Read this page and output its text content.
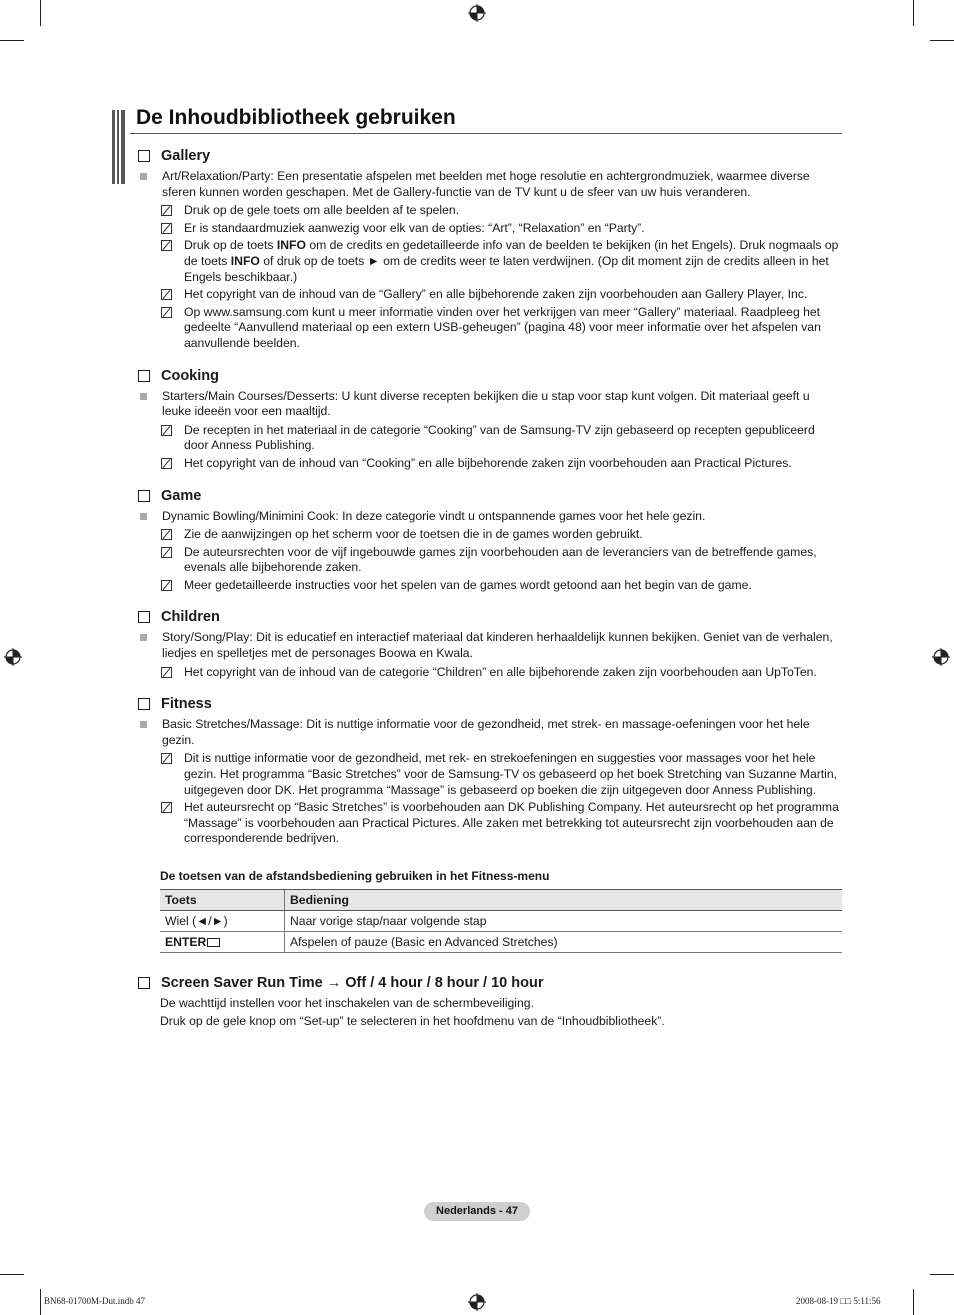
De Inhoudbibliotheek gebruiken
Gallery
Art/Relaxation/Party: Een presentatie afspelen met beelden met hoge resolutie en achtergrondmuziek, waarmee diverse sferen kunnen worden geschapen. Met de Gallery-functie van de TV kunt u de sfeer van uw huis veranderen.
Druk op de gele toets om alle beelden af te spelen.
Er is standaardmuziek aanwezig voor elk van de opties: “Art”, “Relaxation” en “Party”.
Druk op de toets INFO om de credits en gedetailleerde info van de beelden te bekijken (in het Engels). Druk nogmaals op de toets INFO of druk op de toets ► om de credits weer te laten verdwijnen. (Op dit moment zijn de credits alleen in het Engels beschikbaar.)
Het copyright van de inhoud van de “Gallery” en alle bijbehorende zaken zijn voorbehouden aan Gallery Player, Inc.
Op www.samsung.com kunt u meer informatie vinden over het verkrijgen van meer “Gallery” materiaal. Raadpleeg het gedeelte “Aanvullend materiaal op een extern USB-geheugen” (pagina 48) voor meer informatie over het afspelen van aanvullende beelden.
Cooking
Starters/Main Courses/Desserts: U kunt diverse recepten bekijken die u stap voor stap kunt volgen. Dit materiaal geeft u leuke ideeën voor een maaltijd.
De recepten in het materiaal in de categorie “Cooking” van de Samsung-TV zijn gebaseerd op recepten gepubliceerd door Anness Publishing.
Het copyright van de inhoud van “Cooking” en alle bijbehorende zaken zijn voorbehouden aan Practical Pictures.
Game
Dynamic Bowling/Minimini Cook: In deze categorie vindt u ontspannende games voor het hele gezin.
Zie de aanwijzingen op het scherm voor de toetsen die in de games worden gebruikt.
De auteursrechten voor de vijf ingebouwde games zijn voorbehouden aan de leveranciers van de betreffende games, evenals alle bijbehorende zaken.
Meer gedetailleerde instructies voor het spelen van de games wordt getoond aan het begin van de game.
Children
Story/Song/Play: Dit is educatief en interactief materiaal dat kinderen herhaaldelijk kunnen bekijken. Geniet van de verhalen, liedjes en spelletjes met de personages Boowa en Kwala.
Het copyright van de inhoud van de categorie “Children” en alle bijbehorende zaken zijn voorbehouden aan UpToTen.
Fitness
Basic Stretches/Massage: Dit is nuttige informatie voor de gezondheid, met strek- en massage-oefeningen voor het hele gezin.
Dit is nuttige informatie voor de gezondheid, met rek- en strekoefeningen en suggesties voor massages voor het hele gezin. Het programma “Basic Stretches” voor de Samsung-TV os gebaseerd op het boek Stretching van Suzanne Martin, uitgegeven door DK. Het programma “Massage” is gebaseerd op boeken die zijn uitgegeven door Anness Publishing.
Het auteursrecht op “Basic Stretches” is voorbehouden aan DK Publishing Company. Het auteursrecht op het programma “Massage” is voorbehouden aan Practical Pictures. Alle zaken met betrekking tot auteursrecht zijn voorbehouden aan de corresponderende bedrijven.
De toetsen van de afstandsbediening gebruiken in het Fitness-menu
Toets	Bediening
Wiel (◄/►)	Naar vorige stap/naar volgende stap
ENTER	Afspelen of pauze (Basic en Advanced Stretches)
Screen Saver Run Time → Off / 4 hour / 8 hour / 10 hour
De wachttijd instellen voor het inschakelen van de schermbeveiliging.
Druk op de gele knop om “Set-up” te selecteren in het hoofdmenu van de “Inhoudbibliotheek”.
Nederlands - 47
BN68-01700M-Dut.indb 47	2008-08-19 □□ 5:11:56
